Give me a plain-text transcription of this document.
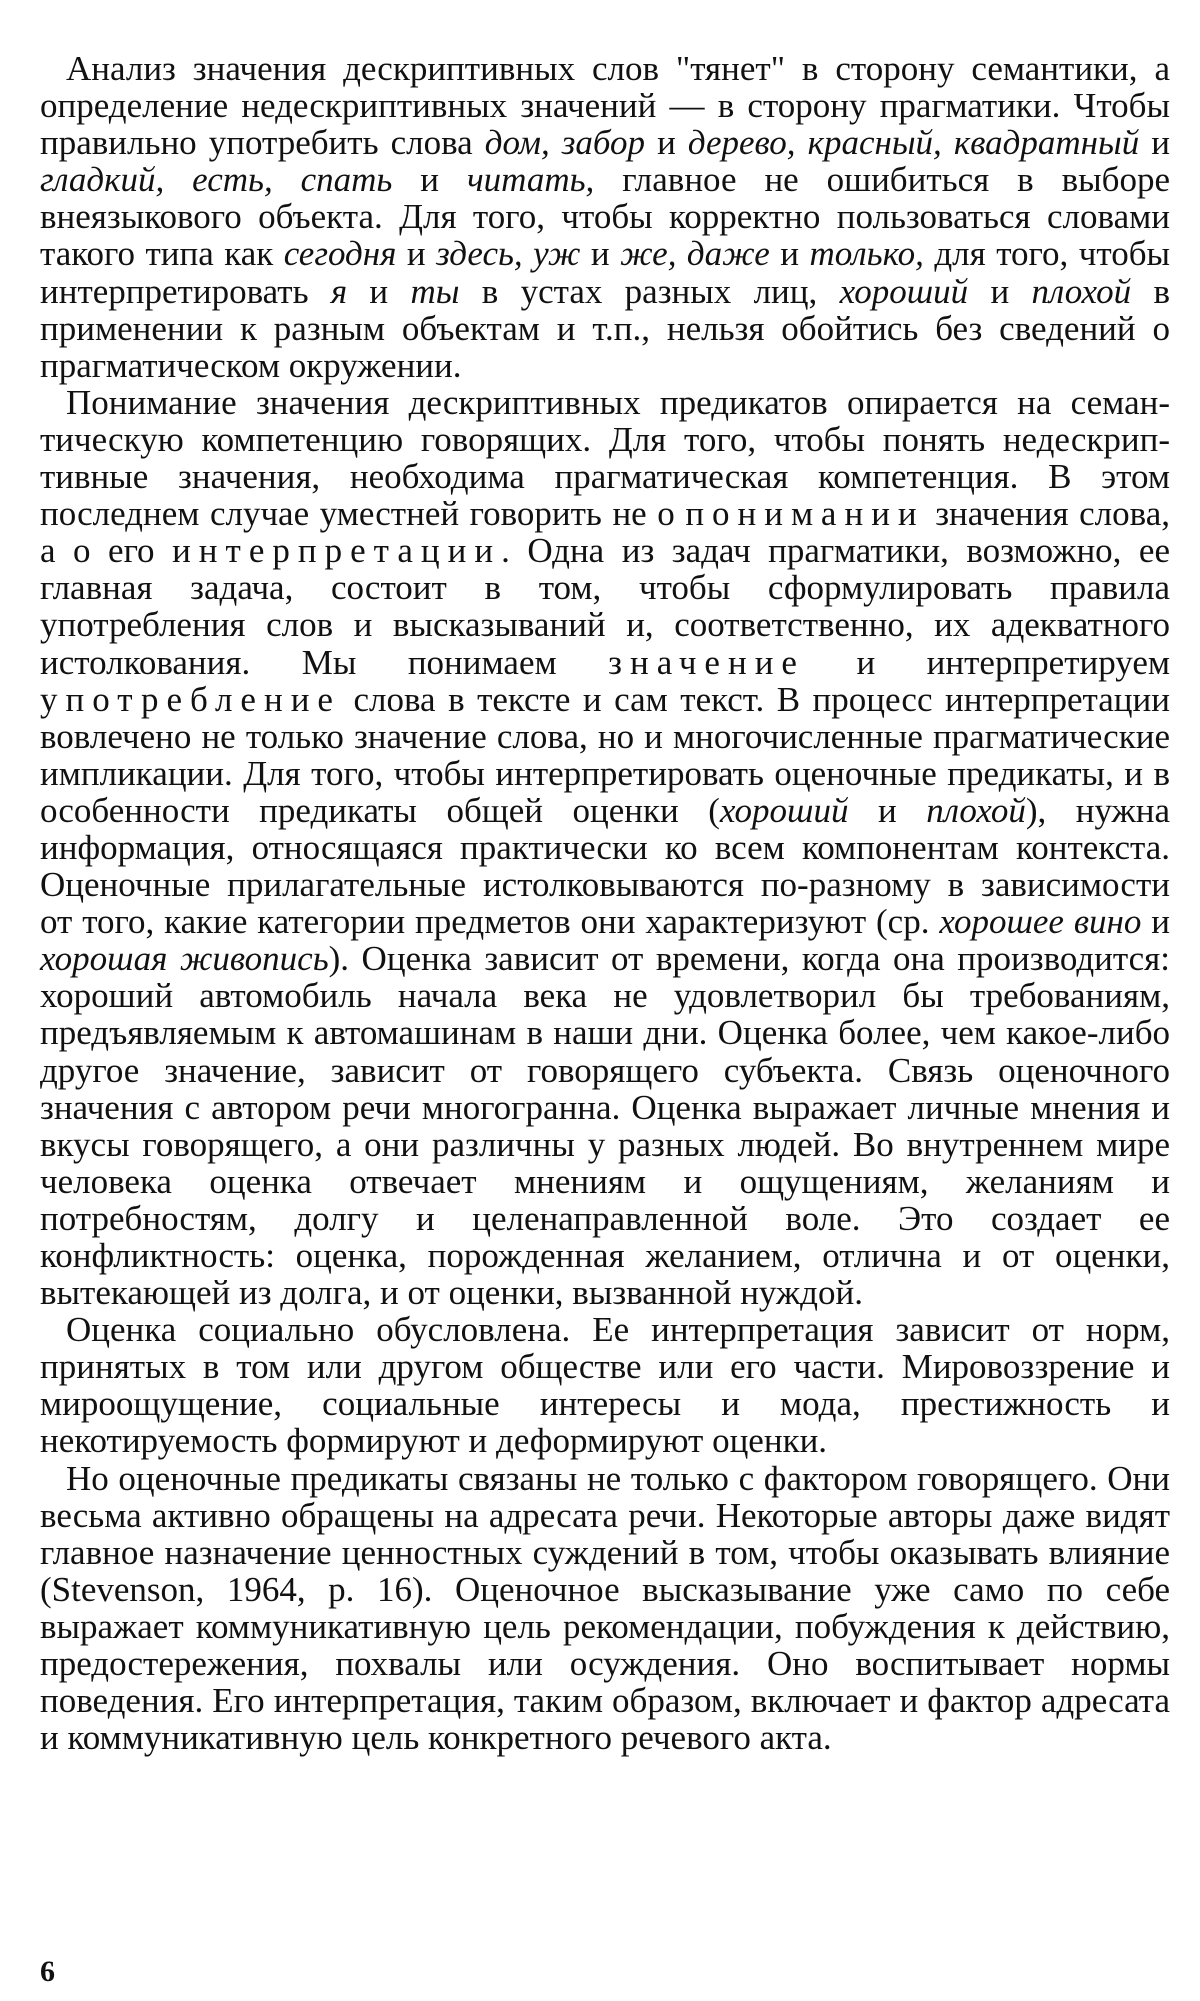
Анализ значения дескриптивных слов "тянет" в сторону семантики, а определение недескриптивных значений — в сторону прагматики. Чтобы правильно употребить слова дом, забор и дерево, красный, квадратный и гладкий, есть, спать и читать, главное не ошибиться в выборе внеязыкового объекта. Для того, чтобы корректно пользоваться словами такого типа как сегодня и здесь, уж и же, даже и только, для того, чтобы интерпретировать я и ты в устах разных лиц, хороший и плохой в применении к разным объектам и т.п., нельзя обойтись без сведений о прагматическом окружении.

Понимание значения дескриптивных предикатов опирается на семантическую компетенцию говорящих. Для того, чтобы понять недескриптивные значения, необходима прагматическая компетенция. В этом последнем случае уместней говорить не о понимании значения слова, а о его интерпретации. Одна из задач прагматики, возможно, ее главная задача, состоит в том, чтобы сформулировать правила употребления слов и высказываний и, соответственно, их адекватного истолкования. Мы понимаем значение и интерпретируем употребление слова в тексте и сам текст. В процесс интерпретации вовлечено не только значение слова, но и многочисленные прагматические импликации. Для того, чтобы интерпретировать оценочные предикаты, и в особенности предикаты общей оценки (хороший и плохой), нужна информация, относящаяся практически ко всем компонентам контекста. Оценочные прилагательные истолковываются по-разному в зависимости от того, какие категории предметов они характеризуют (ср. хорошее вино и хорошая живопись). Оценка зависит от времени, когда она производится: хороший автомобиль начала века не удовлетворил бы требованиям, предъявляемым к автомашинам в наши дни. Оценка более, чем какое-либо другое значение, зависит от говорящего субъекта. Связь оценочного значения с автором речи многогранна. Оценка выражает личные мнения и вкусы говорящего, а они различны у разных людей. Во внутреннем мире человека оценка отвечает мнениям и ощущениям, желаниям и потребностям, долгу и целенаправленной воле. Это создает ее конфликтность: оценка, порожденная желанием, отлична и от оценки, вытекающей из долга, и от оценки, вызванной нуждой.

Оценка социально обусловлена. Ее интерпретация зависит от норм, принятых в том или другом обществе или его части. Мировоззрение и мироощущение, социальные интересы и мода, престижность и некотируемость формируют и деформируют оценки.

Но оценочные предикаты связаны не только с фактором говорящего. Они весьма активно обращены на адресата речи. Некоторые авторы даже видят главное назначение ценностных суждений в том, чтобы оказывать влияние (Stevenson, 1964, p. 16). Оценочное высказывание уже само по себе выражает коммуникативную цель рекомендации, побуждения к действию, предостережения, похвалы или осуждения. Оно воспитывает нормы поведения. Его интерпретация, таким образом, включает и фактор адресата и коммуникативную цель конкретного речевого акта.

6
